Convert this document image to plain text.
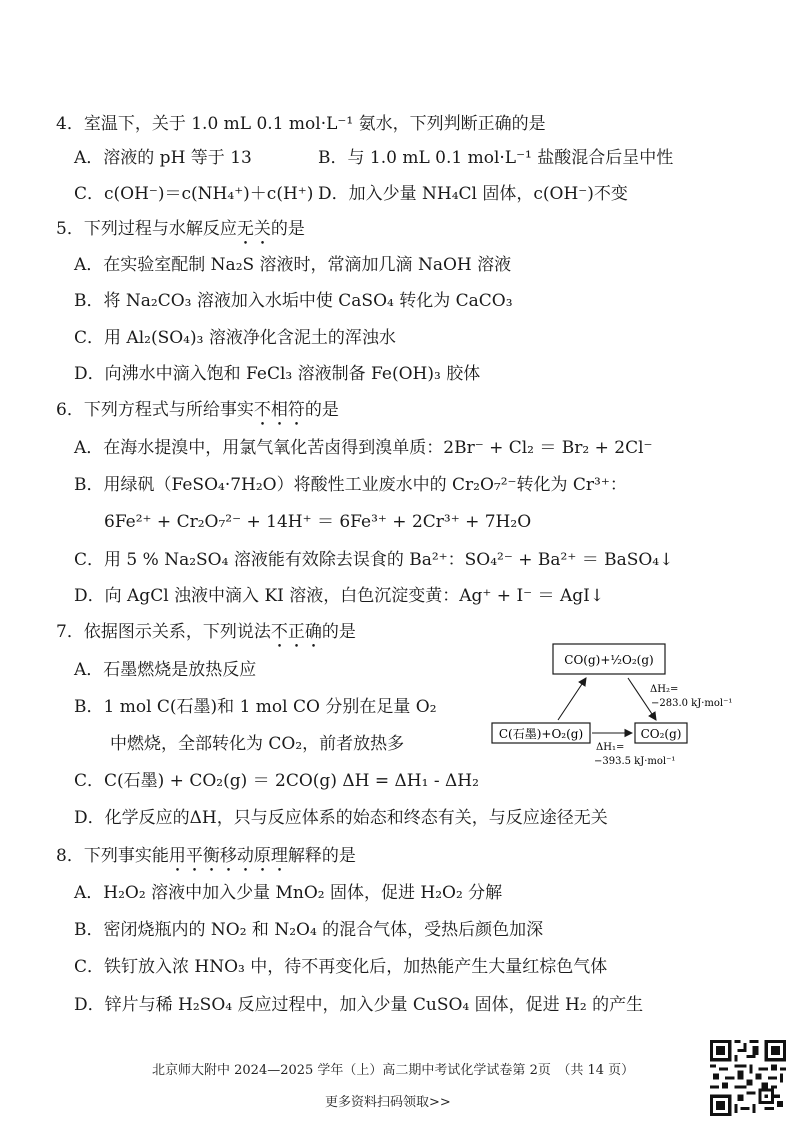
4．室温下，关于 1.0 mL 0.1 mol·L⁻¹ 氨水，下列判断正确的是
A．溶液的 pH 等于 13	B．与 1.0 mL 0.1 mol·L⁻¹ 盐酸混合后呈中性
C．c(OH⁻)＝c(NH₄⁺)＋c(H⁺) D．加入少量 NH₄Cl 固体，c(OH⁻)不变
5．下列过程与水解反应无关的是
A．在实验室配制 Na₂S 溶液时，常滴加几滴 NaOH 溶液
B．将 Na₂CO₃ 溶液加入水垢中使 CaSO₄ 转化为 CaCO₃
C．用 Al₂(SO₄)₃ 溶液净化含泥土的浑浊水
D．向沸水中滴入饱和 FeCl₃ 溶液制备 Fe(OH)₃ 胶体
6．下列方程式与所给事实不相符的是
A．在海水提溴中，用氯气氧化苦卤得到溴单质：2Br⁻ + Cl₂ ＝ Br₂ + 2Cl⁻
B．用绿矾（FeSO₄·7H₂O）将酸性工业废水中的 Cr₂O₇²⁻转化为 Cr³⁺：
6Fe²⁺ + Cr₂O₇²⁻ + 14H⁺ ＝ 6Fe³⁺ + 2Cr³⁺ + 7H₂O
C．用 5 % Na₂SO₄ 溶液能有效除去误食的 Ba²⁺：SO₄²⁻ + Ba²⁺ ＝ BaSO₄↓
D．向 AgCl 浊液中滴入 KI 溶液，白色沉淀变黄：Ag⁺ + I⁻ ＝ AgI↓
7．依据图示关系，下列说法不正确的是
A．石墨燃烧是放热反应
B．1 mol C(石墨)和 1 mol CO 分别在足量 O₂
中燃烧，全部转化为 CO₂，前者放热多
C．C(石墨) + CO₂(g) ＝ 2CO(g) ΔH = ΔH₁ - ΔH₂
D．化学反应的ΔH，只与反应体系的始态和终态有关，与反应途径无关
CO(g)+½O₂(g)
C(石墨)+O₂(g)	CO₂(g)
ΔH₂=
−283.0 kJ·mol⁻¹
ΔH₁=
−393.5 kJ·mol⁻¹
8．下列事实能用平衡移动原理解释的是
A．H₂O₂ 溶液中加入少量 MnO₂ 固体，促进 H₂O₂ 分解
B．密闭烧瓶内的 NO₂ 和 N₂O₄ 的混合气体，受热后颜色加深
C．铁钉放入浓 HNO₃ 中，待不再变化后，加热能产生大量红棕色气体
D．锌片与稀 H₂SO₄ 反应过程中，加入少量 CuSO₄ 固体，促进 H₂ 的产生
北京师大附中 2024—2025 学年（上）高二期中考试化学试卷第 2页　（共 14 页）
更多资料扫码领取>>
